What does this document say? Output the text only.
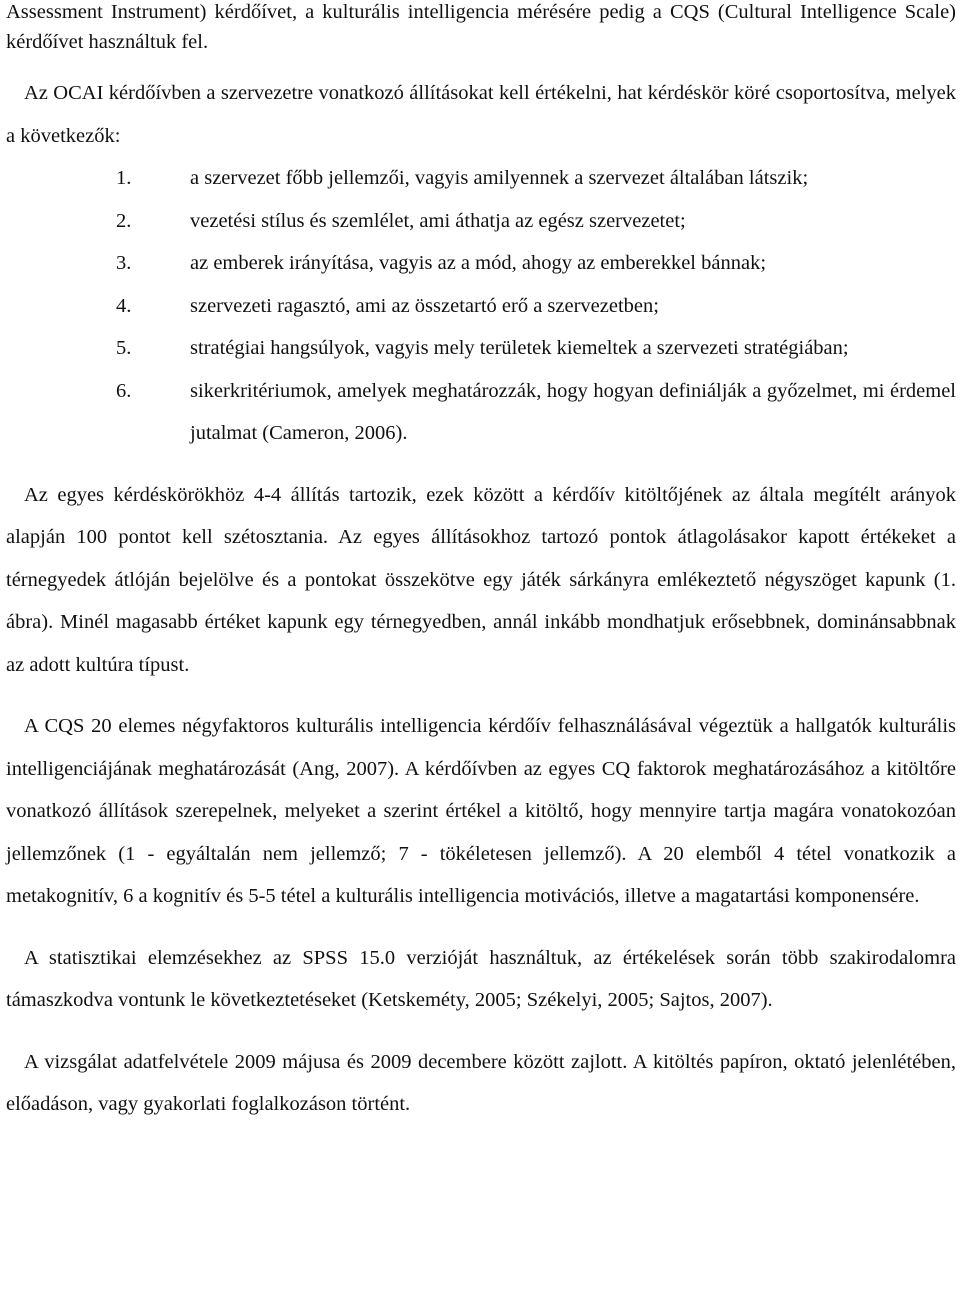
Assessment Instrument) kérdőívet, a kulturális intelligencia mérésére pedig a CQS (Cultural Intelligence Scale) kérdőívet használtuk fel.

Az OCAI kérdőívben a szervezetre vonatkozó állításokat kell értékelni, hat kérdéskör köré csoportosítva, melyek a következők:

1.	a szervezet főbb jellemzői, vagyis amilyennek a szervezet általában látszik;
2.	vezetési stílus és szemlélet, ami áthatja az egész szervezetet;
3.	az emberek irányítása, vagyis az a mód, ahogy az emberekkel bánnak;
4.	szervezeti ragasztó, ami az összetartó erő a szervezetben;
5.	stratégiai hangsúlyok, vagyis mely területek kiemeltek a szervezeti stratégiában;
6.	sikerkritériumok, amelyek meghatározzák, hogy hogyan definiálják a győzelmet, mi érdemel jutalmat (Cameron, 2006).

Az egyes kérdéskörökhöz 4-4 állítás tartozik, ezek között a kérdőív kitöltőjének az általa megítélt arányok alapján 100 pontot kell szétosztania. Az egyes állításokhoz tartozó pontok átlagolásakor kapott értékeket a térnegyedek átlóján bejelölve és a pontokat összekötve egy játék sárkányra emlékeztető négyszöget kapunk (1. ábra). Minél magasabb értéket kapunk egy térnegyedben, annál inkább mondhatjuk erősebbnek, dominánsabbnak az adott kultúra típust.

A CQS 20 elemes négyfaktoros kulturális intelligencia kérdőív felhasználásával végeztük a hallgatók kulturális intelligenciájának meghatározását (Ang, 2007). A kérdőívben az egyes CQ faktorok meghatározásához a kitöltőre vonatkozó állítások szerepelnek, melyeket a szerint értékel a kitöltő, hogy mennyire tartja magára vonatokozóan jellemzőnek (1 - egyáltalán nem jellemző; 7 - tökéletesen jellemző). A 20 elemből 4 tétel vonatkozik a metakognitív, 6 a kognitív és 5-5 tétel a kulturális intelligencia motivációs, illetve a magatartási komponensére.

A statisztikai elemzésekhez az SPSS 15.0 verzióját használtuk, az értékelések során több szakirodalomra támaszkodva vontunk le következtetéseket (Ketskeméty, 2005; Székelyi, 2005; Sajtos, 2007).

A vizsgálat adatfelvétele 2009 májusa és 2009 decembere között zajlott. A kitöltés papíron, oktató jelenlétében, előadáson, vagy gyakorlati foglalkozáson történt.
